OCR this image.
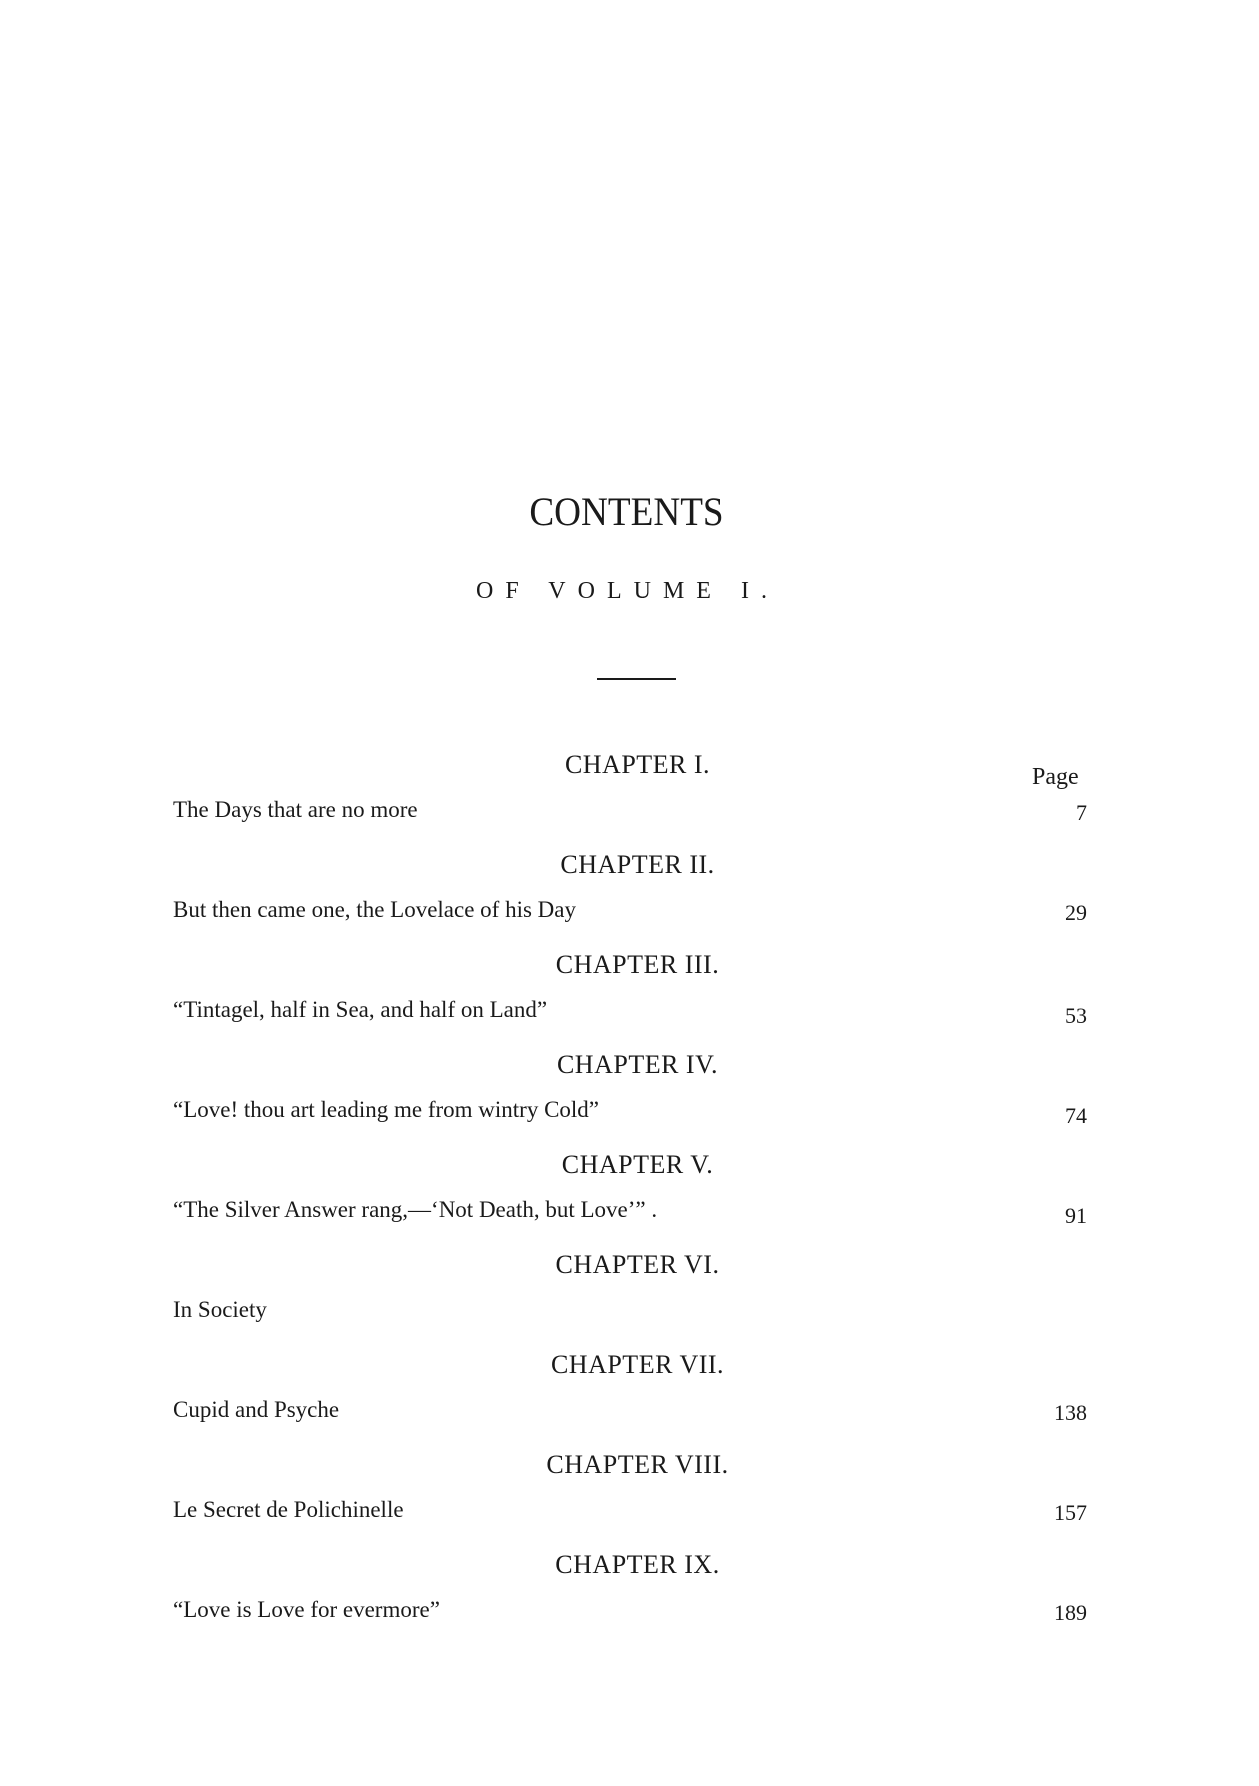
CONTENTS
OF VOLUME I.
Page
CHAPTER I.
The Days that are no more	7
CHAPTER II.
But then came one, the Lovelace of his Day	29
CHAPTER III.
“Tintagel, half in Sea, and half on Land”	53
CHAPTER IV.
“Love! thou art leading me from wintry Cold”	74
CHAPTER V.
“The Silver Answer rang,—‘Not Death, but Love’” .	91
CHAPTER VI.
In Society
CHAPTER VII.
Cupid and Psyche	138
CHAPTER VIII.
Le Secret de Polichinelle	157
CHAPTER IX.
“Love is Love for evermore”	189
